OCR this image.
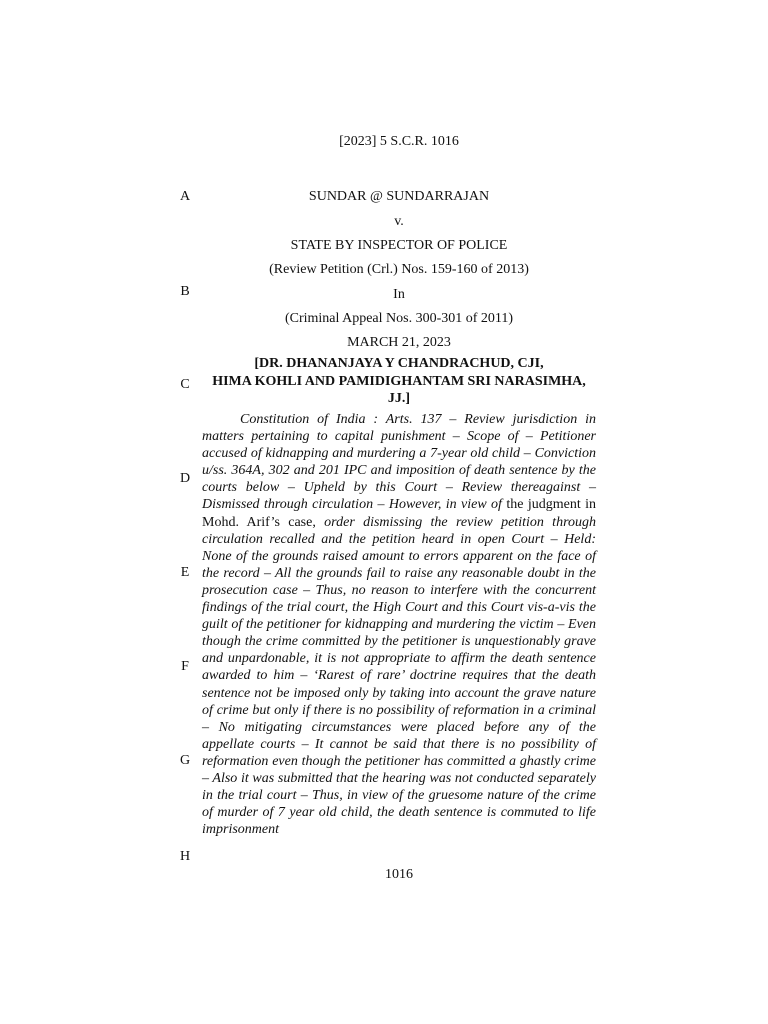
[2023] 5 S.C.R. 1016
A	SUNDAR @ SUNDARRAJAN
v.
STATE BY INSPECTOR OF POLICE
(Review Petition (Crl.) Nos. 159-160 of 2013)
B	In
(Criminal Appeal Nos. 300-301 of 2011)
MARCH 21, 2023
[DR. DHANANJAYA Y CHANDRACHUD, CJI,
C	HIMA KOHLI AND PAMIDIGHANTAM SRI NARASIMHA,
JJ.]

Constitution of India : Arts. 137 – Review jurisdiction in matters pertaining to capital punishment – Scope of – Petitioner accused of kidnapping and murdering a 7-year old child – Conviction u/ss. 364A, 302 and 201 IPC and imposition of death sentence by the courts below – Upheld by this Court – Review thereagainst – Dismissed through circulation – However, in view of the judgment in Mohd. Arif’s case, order dismissing the review petition through circulation recalled and the petition heard in open Court – Held: None of the grounds raised amount to errors apparent on the face of the record – All the grounds fail to raise any reasonable doubt in the prosecution case – Thus, no reason to interfere with the concurrent findings of the trial court, the High Court and this Court vis-a-vis the guilt of the petitioner for kidnapping and murdering the victim – Even though the crime committed by the petitioner is unquestionably grave and unpardonable, it is not appropriate to affirm the death sentence awarded to him – ‘Rarest of rare’ doctrine requires that the death sentence not be imposed only by taking into account the grave nature of crime but only if there is no possibility of reformation in a criminal – No mitigating circumstances were placed before any of the appellate courts – It cannot be said that there is no possibility of reformation even though the petitioner has committed a ghastly crime – Also it was submitted that the hearing was not conducted separately in the trial court – Thus, in view of the gruesome nature of the crime of murder of 7 year old child, the death sentence is commuted to life imprisonment

D
E
F
G
H
1016
